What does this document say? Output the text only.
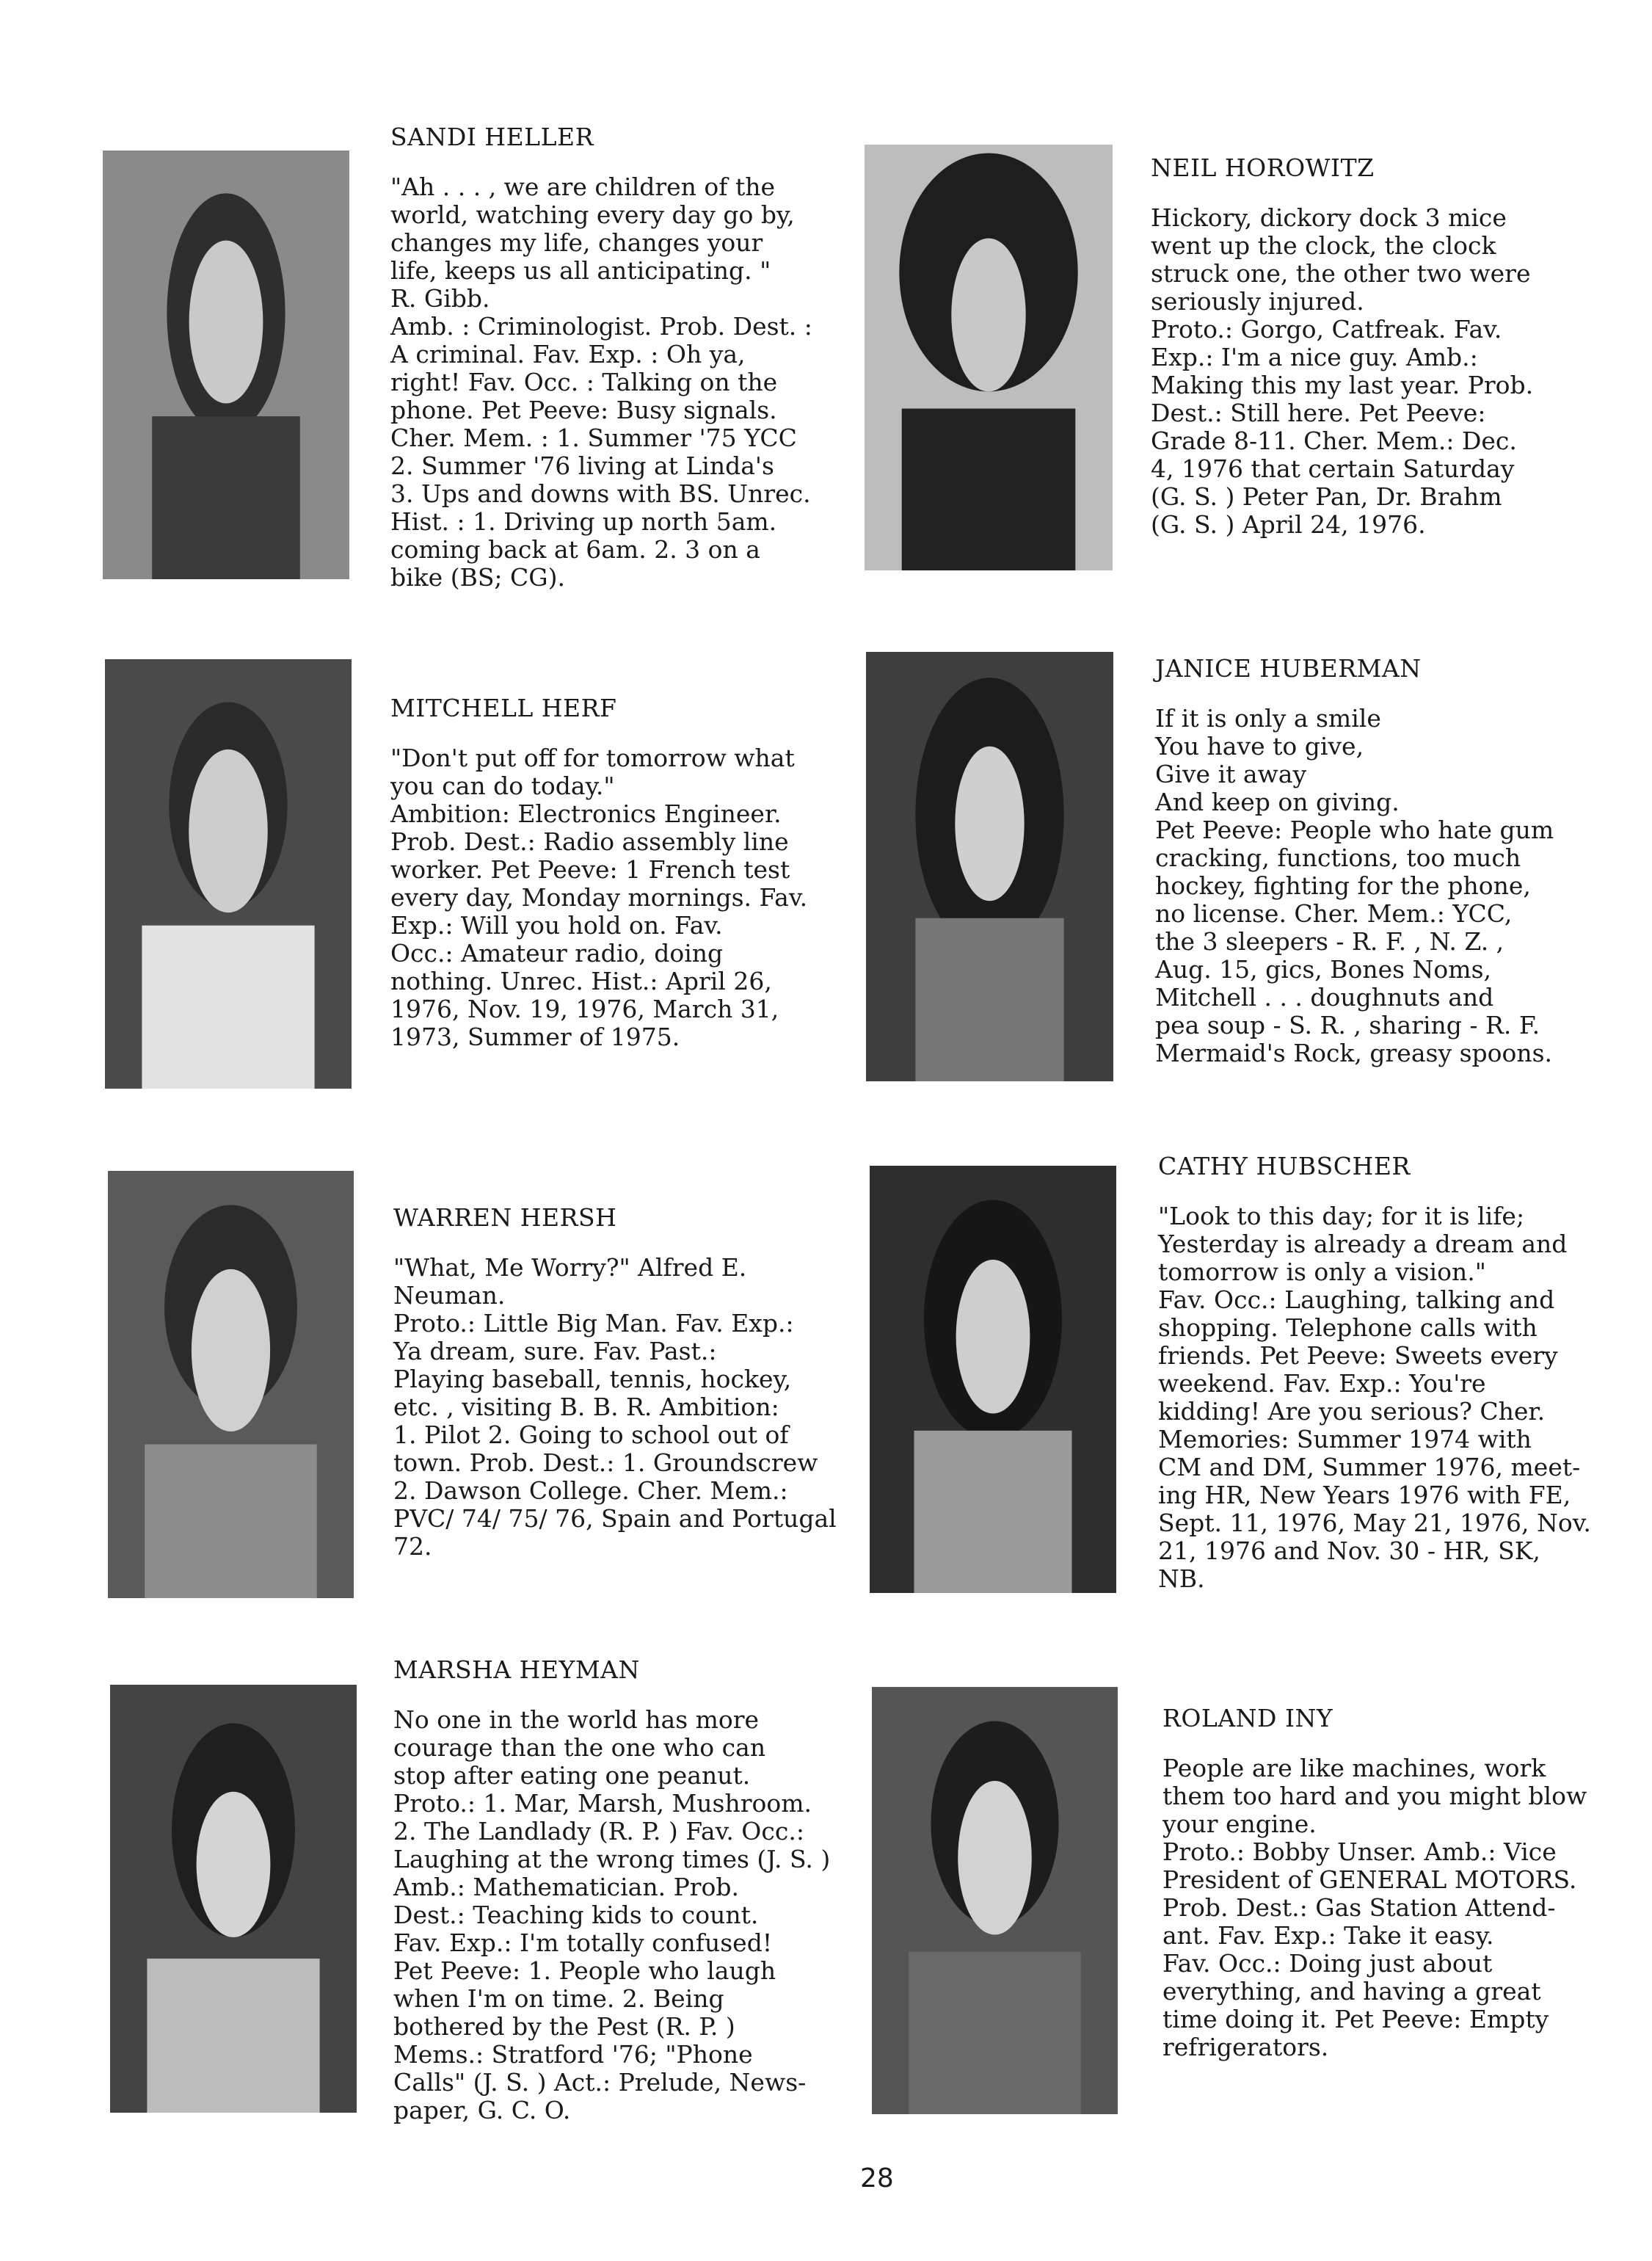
SANDI HELLER

"Ah . . . , we are children of the
world, watching every day go by,
changes my life, changes your
life, keeps us all anticipating. "
R. Gibb.
Amb. : Criminologist. Prob. Dest. :
A criminal. Fav. Exp. : Oh ya,
right! Fav. Occ. : Talking on the
phone. Pet Peeve: Busy signals.
Cher. Mem. : 1. Summer '75 YCC
2. Summer '76 living at Linda's
3. Ups and downs with BS. Unrec.
Hist. : 1. Driving up north 5am.
coming back at 6am. 2. 3 on a
bike (BS; CG).

NEIL HOROWITZ

Hickory, dickory dock 3 mice
went up the clock, the clock
struck one, the other two were
seriously injured.
Proto.: Gorgo, Catfreak. Fav.
Exp.: I'm a nice guy. Amb.:
Making this my last year. Prob.
Dest.: Still here. Pet Peeve:
Grade 8-11. Cher. Mem.: Dec.
4, 1976 that certain Saturday
(G. S. ) Peter Pan, Dr. Brahm
(G. S. ) April 24, 1976.

MITCHELL HERF

"Don't put off for tomorrow what
you can do today."
Ambition: Electronics Engineer.
Prob. Dest.: Radio assembly line
worker. Pet Peeve: 1 French test
every day, Monday mornings. Fav.
Exp.: Will you hold on. Fav.
Occ.: Amateur radio, doing
nothing. Unrec. Hist.: April 26,
1976, Nov. 19, 1976, March 31,
1973, Summer of 1975.

JANICE HUBERMAN

If it is only a smile
You have to give,
Give it away
And keep on giving.
Pet Peeve: People who hate gum
cracking, functions, too much
hockey, fighting for the phone,
no license. Cher. Mem.: YCC,
the 3 sleepers - R. F. , N. Z. ,
Aug. 15, gics, Bones Noms,
Mitchell . . . doughnuts and
pea soup - S. R. , sharing - R. F.
Mermaid's Rock, greasy spoons.

WARREN HERSH

"What, Me Worry?" Alfred E.
Neuman.
Proto.: Little Big Man. Fav. Exp.:
Ya dream, sure. Fav. Past.:
Playing baseball, tennis, hockey,
etc. , visiting B. B. R. Ambition:
1. Pilot 2. Going to school out of
town. Prob. Dest.: 1. Groundscrew
2. Dawson College. Cher. Mem.:
PVC/ 74/ 75/ 76, Spain and Portugal
72.

CATHY HUBSCHER

"Look to this day; for it is life;
Yesterday is already a dream and
tomorrow is only a vision."
Fav. Occ.: Laughing, talking and
shopping. Telephone calls with
friends. Pet Peeve: Sweets every
weekend. Fav. Exp.: You're
kidding! Are you serious? Cher.
Memories: Summer 1974 with
CM and DM, Summer 1976, meet-
ing HR, New Years 1976 with FE,
Sept. 11, 1976, May 21, 1976, Nov.
21, 1976 and Nov. 30 - HR, SK,
NB.

MARSHA HEYMAN

No one in the world has more
courage than the one who can
stop after eating one peanut.
Proto.: 1. Mar, Marsh, Mushroom.
2. The Landlady (R. P. ) Fav. Occ.:
Laughing at the wrong times (J. S. )
Amb.: Mathematician. Prob.
Dest.: Teaching kids to count.
Fav. Exp.: I'm totally confused!
Pet Peeve: 1. People who laugh
when I'm on time. 2. Being
bothered by the Pest (R. P. )
Mems.: Stratford '76; "Phone
Calls" (J. S. ) Act.: Prelude, News-
paper, G. C. O.

ROLAND INY

People are like machines, work
them too hard and you might blow
your engine.
Proto.: Bobby Unser. Amb.: Vice
President of GENERAL MOTORS.
Prob. Dest.: Gas Station Attend-
ant. Fav. Exp.: Take it easy.
Fav. Occ.: Doing just about
everything, and having a great
time doing it. Pet Peeve: Empty
refrigerators.

28
